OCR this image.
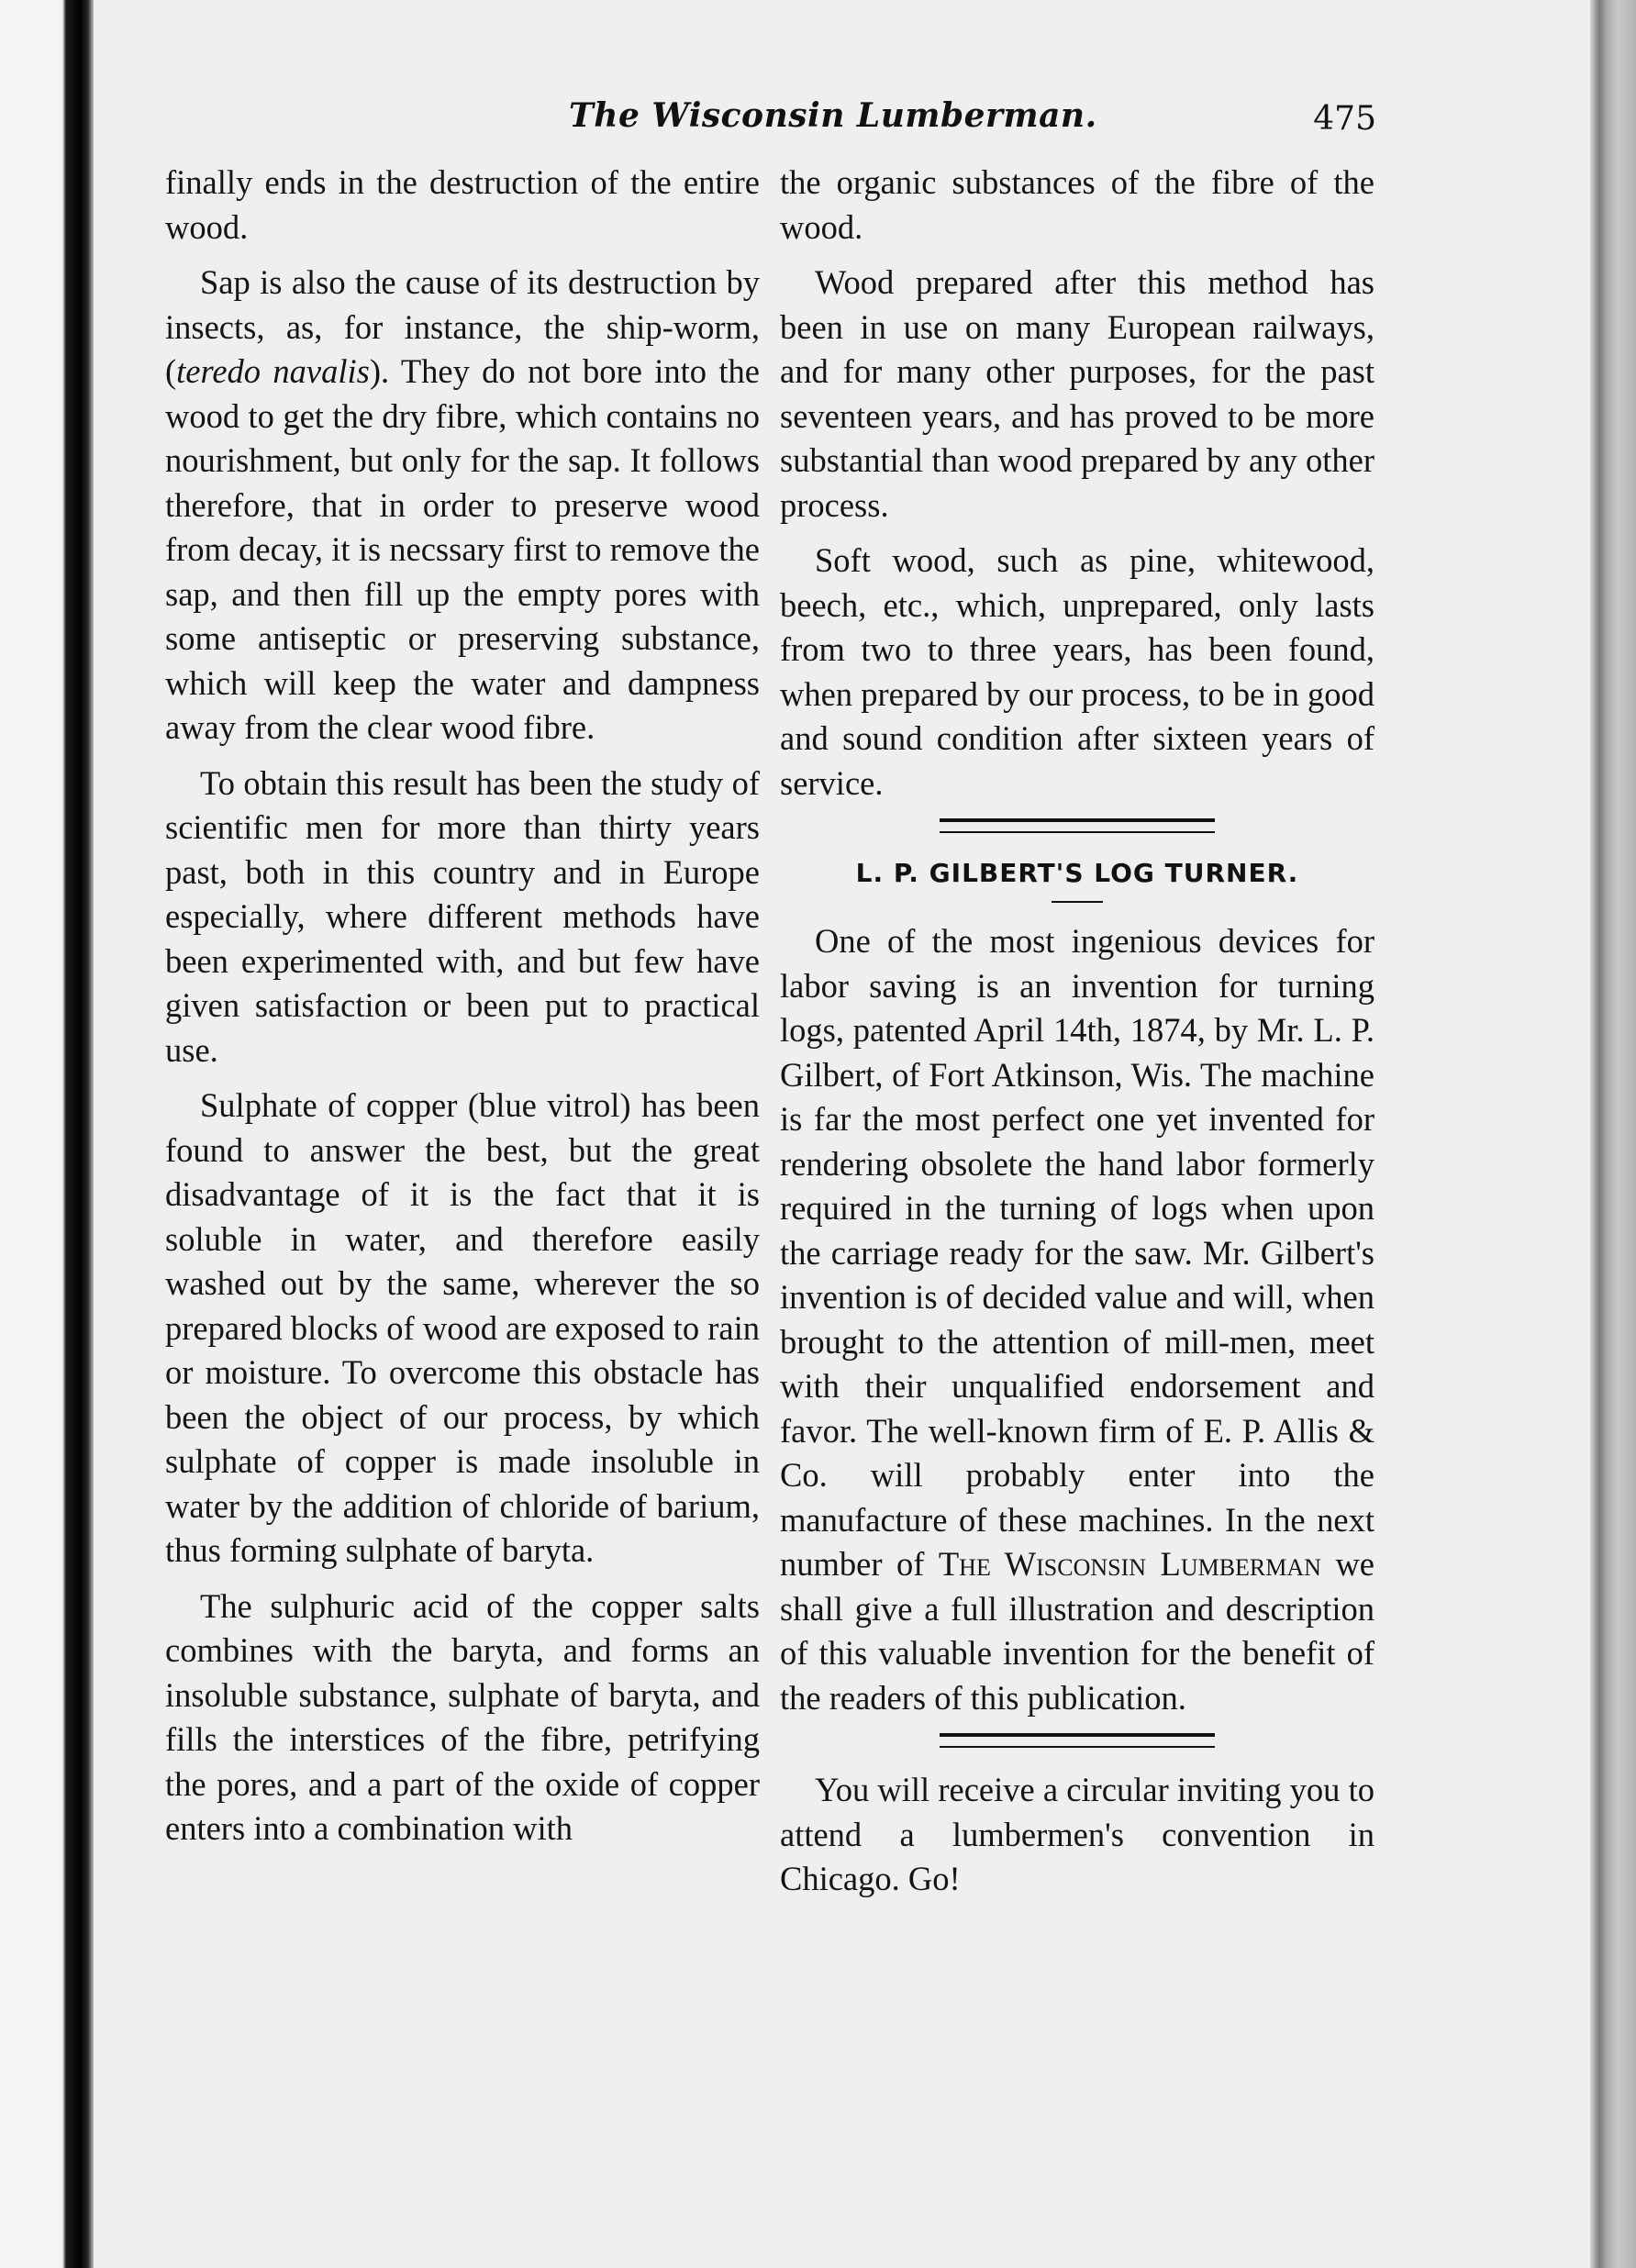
The Wisconsin Lumberman.	475

finally ends in the destruction of the entire wood.

Sap is also the cause of its destruction by insects, as, for instance, the ship-worm, (teredo navalis). They do not bore into the wood to get the dry fibre, which contains no nourishment, but only for the sap. It follows therefore, that in order to preserve wood from decay, it is necssary first to remove the sap, and then fill up the empty pores with some antiseptic or preserving substance, which will keep the water and dampness away from the clear wood fibre.

To obtain this result has been the study of scientific men for more than thirty years past, both in this country and in Europe especially, where different methods have been experimented with, and but few have given satisfaction or been put to practical use.

Sulphate of copper (blue vitrol) has been found to answer the best, but the great disadvantage of it is the fact that it is soluble in water, and therefore easily washed out by the same, wherever the so prepared blocks of wood are exposed to rain or moisture. To overcome this obstacle has been the object of our process, by which sulphate of copper is made insoluble in water by the addition of chloride of barium, thus forming sulphate of baryta.

The sulphuric acid of the copper salts combines with the baryta, and forms an insoluble substance, sulphate of baryta, and fills the interstices of the fibre, petrifying the pores, and a part of the oxide of copper enters into a combination with

the organic substances of the fibre of the wood.

Wood prepared after this method has been in use on many European railways, and for many other purposes, for the past seventeen years, and has proved to be more substantial than wood prepared by any other process.

Soft wood, such as pine, whitewood, beech, etc., which, unprepared, only lasts from two to three years, has been found, when prepared by our process, to be in good and sound condition after sixteen years of service.

L. P. GILBERT'S LOG TURNER.

One of the most ingenious devices for labor saving is an invention for turning logs, patented April 14th, 1874, by Mr. L. P. Gilbert, of Fort Atkinson, Wis. The machine is far the most perfect one yet invented for rendering obsolete the hand labor formerly required in the turning of logs when upon the carriage ready for the saw. Mr. Gilbert's invention is of decided value and will, when brought to the attention of mill-men, meet with their unqualified endorsement and favor. The well-known firm of E. P. Allis & Co. will probably enter into the manufacture of these machines. In the next number of The Wisconsin Lumberman we shall give a full illustration and description of this valuable invention for the benefit of the readers of this publication.

You will receive a circular inviting you to attend a lumbermen's convention in Chicago. Go!
